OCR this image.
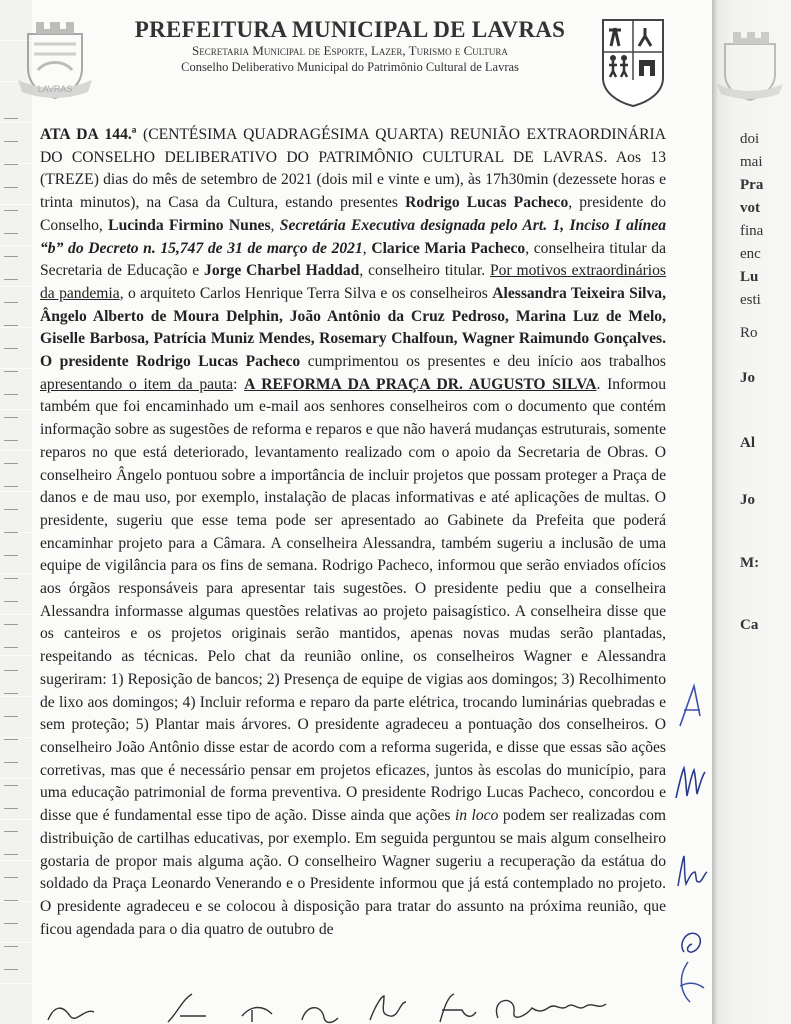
LAVRAS
PREFEITURA MUNICIPAL DE LAVRAS
Secretaria Municipal de Esporte, Lazer, Turismo e Cultura
Conselho Deliberativo Municipal do Patrimônio Cultural de Lavras

ATA DA 144.ª (CENTÉSIMA QUADRAGÉSIMA QUARTA) REUNIÃO EXTRAORDINÁRIA DO CONSELHO DELIBERATIVO DO PATRIMÔNIO CULTURAL DE LAVRAS. Aos 13 (TREZE) dias do mês de setembro de 2021 (dois mil e vinte e um), às 17h30min (dezessete horas e trinta minutos), na Casa da Cultura, estando presentes Rodrigo Lucas Pacheco, presidente do Conselho, Lucinda Firmino Nunes, Secretária Executiva designada pelo Art. 1, Inciso I alínea “b” do Decreto n. 15,747 de 31 de março de 2021, Clarice Maria Pacheco, conselheira titular da Secretaria de Educação e Jorge Charbel Haddad, conselheiro titular. Por motivos extraordinários da pandemia, o arquiteto Carlos Henrique Terra Silva e os conselheiros Alessandra Teixeira Silva, Ângelo Alberto de Moura Delphin, João Antônio da Cruz Pedroso, Marina Luz de Melo, Giselle Barbosa, Patrícia Muniz Mendes, Rosemary Chalfoun, Wagner Raimundo Gonçalves. O presidente Rodrigo Lucas Pacheco cumprimentou os presentes e deu início aos trabalhos apresentando o item da pauta: A REFORMA DA PRAÇA DR. AUGUSTO SILVA. Informou também que foi encaminhado um e-mail aos senhores conselheiros com o documento que contém informação sobre as sugestões de reforma e reparos e que não haverá mudanças estruturais, somente reparos no que está deteriorado, levantamento realizado com o apoio da Secretaria de Obras. O conselheiro Ângelo pontuou sobre a importância de incluir projetos que possam proteger a Praça de danos e de mau uso, por exemplo, instalação de placas informativas e até aplicações de multas. O presidente, sugeriu que esse tema pode ser apresentado ao Gabinete da Prefeita que poderá encaminhar projeto para a Câmara. A conselheira Alessandra, também sugeriu a inclusão de uma equipe de vigilância para os fins de semana. Rodrigo Pacheco, informou que serão enviados ofícios aos órgãos responsáveis para apresentar tais sugestões. O presidente pediu que a conselheira Alessandra informasse algumas questões relativas ao projeto paisagístico. A conselheira disse que os canteiros e os projetos originais serão mantidos, apenas novas mudas serão plantadas, respeitando as técnicas. Pelo chat da reunião online, os conselheiros Wagner e Alessandra sugeriram: 1) Reposição de bancos; 2) Presença de equipe de vigias aos domingos; 3) Recolhimento de lixo aos domingos; 4) Incluir reforma e reparo da parte elétrica, trocando luminárias quebradas e sem proteção; 5) Plantar mais árvores. O presidente agradeceu a pontuação dos conselheiros. O conselheiro João Antônio disse estar de acordo com a reforma sugerida, e disse que essas são ações corretivas, mas que é necessário pensar em projetos eficazes, juntos às escolas do município, para uma educação patrimonial de forma preventiva. O presidente Rodrigo Lucas Pacheco, concordou e disse que é fundamental esse tipo de ação. Disse ainda que ações in loco podem ser realizadas com distribuição de cartilhas educativas, por exemplo. Em seguida perguntou se mais algum conselheiro gostaria de propor mais alguma ação. O conselheiro Wagner sugeriu a recuperação da estátua do soldado da Praça Leonardo Venerando e o Presidente informou que já está contemplado no projeto. O presidente agradeceu e se colocou à disposição para tratar do assunto na próxima reunião, que ficou agendada para o dia quatro de outubro de

doi
mai
Pra
vot
fina
enc
Lu
esti
Ro
Jo
Al
Jo
M:
Ca
